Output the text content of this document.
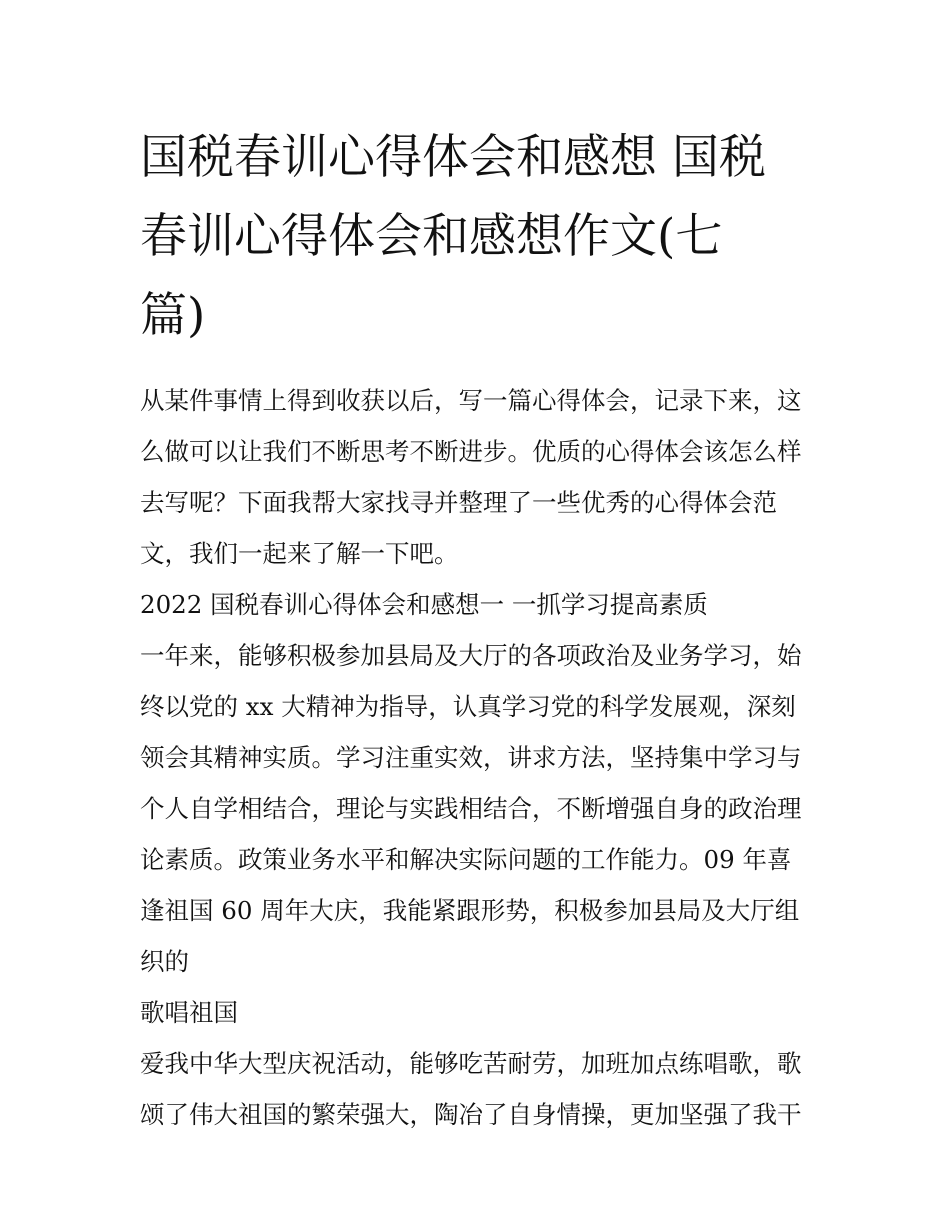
国税春训心得体会和感想 国税
春训心得体会和感想作文(七
篇)

从某件事情上得到收获以后，写一篇心得体会，记录下来，这
么做可以让我们不断思考不断进步。优质的心得体会该怎么样
去写呢？下面我帮大家找寻并整理了一些优秀的心得体会范
文，我们一起来了解一下吧。

2022 国税春训心得体会和感想一 一抓学习提高素质

一年来，能够积极参加县局及大厅的各项政治及业务学习，始
终以党的 xx 大精神为指导，认真学习党的科学发展观，深刻
领会其精神实质。学习注重实效，讲求方法，坚持集中学习与
个人自学相结合，理论与实践相结合，不断增强自身的政治理
论素质。政策业务水平和解决实际问题的工作能力。09 年喜
逢祖国 60 周年大庆，我能紧跟形势，积极参加县局及大厅组
织的

歌唱祖国

爱我中华大型庆祝活动，能够吃苦耐劳，加班加点练唱歌，歌
颂了伟大祖国的繁荣强大，陶冶了自身情操，更加坚强了我干
